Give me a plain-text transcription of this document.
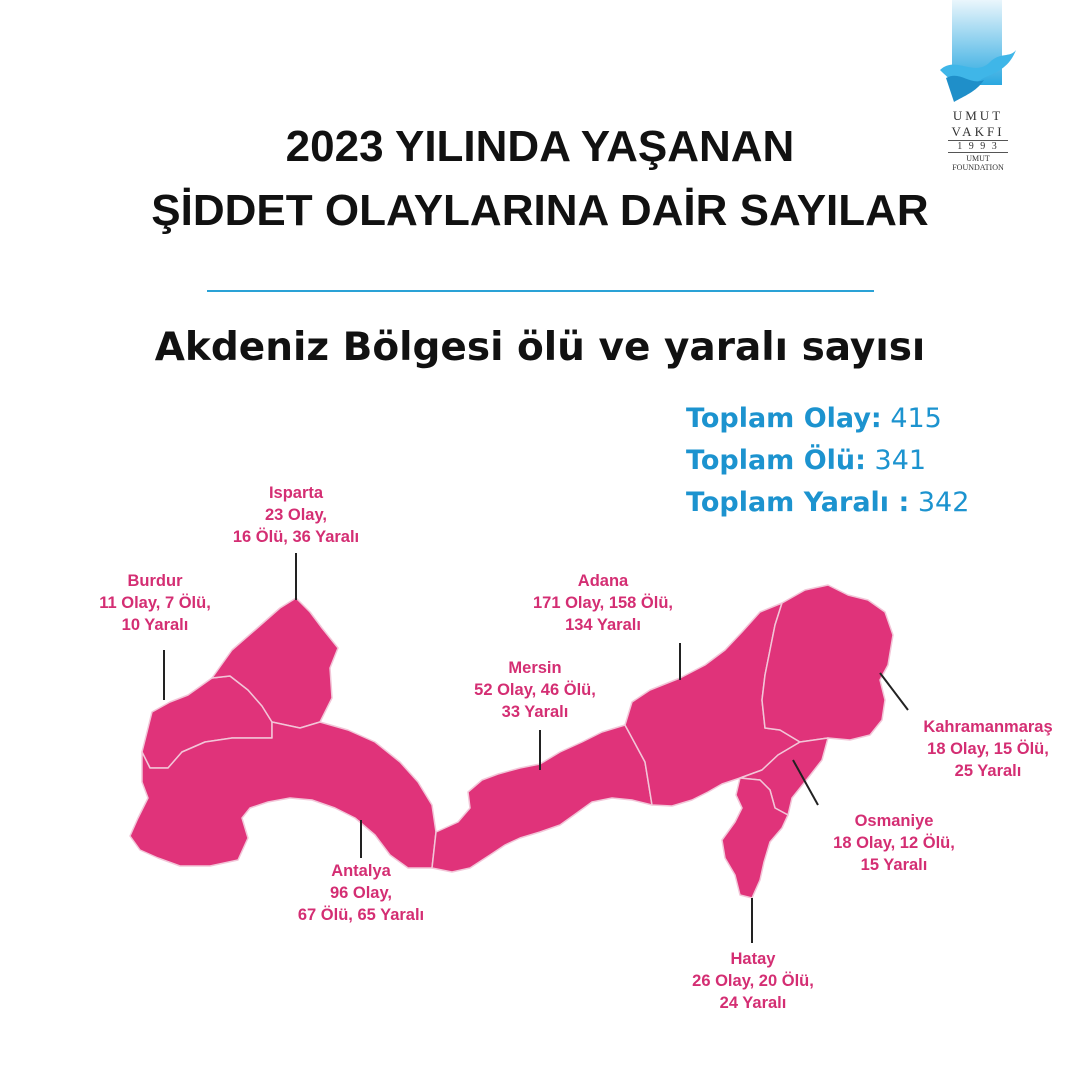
UMUT
VAKFI
1 9 9 3
UMUT
FOUNDATION
2023 YILINDA YAŞANAN
ŞİDDET OLAYLARINA DAİR SAYILAR
Akdeniz Bölgesi ölü ve yaralı sayısı
Toplam Olay: 415
Toplam Ölü: 341
Toplam Yaralı : 342
Isparta
23 Olay,
16 Ölü, 36 Yaralı
Burdur
11 Olay, 7 Ölü,
10 Yaralı
Antalya
96 Olay,
67 Ölü, 65 Yaralı
Mersin
52 Olay, 46 Ölü,
33 Yaralı
Adana
171 Olay, 158 Ölü,
134 Yaralı
Kahramanmaraş
18 Olay, 15 Ölü,
25 Yaralı
Osmaniye
18 Olay, 12 Ölü,
15 Yaralı
Hatay
26 Olay, 20 Ölü,
24 Yaralı
